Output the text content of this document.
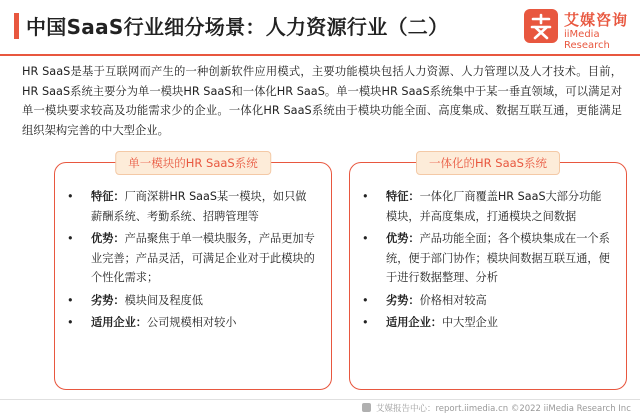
中国SaaS行业细分场景：人力资源行业（二）	艾媒咨询
iiMedia Research
HR SaaS是基于互联网而产生的一种创新软件应用模式，主要功能模块包括人力资源、人力管理以及人才技术。目前，HR SaaS系统主要分为单一模块HR SaaS和一体化HR SaaS。单一模块HR SaaS系统集中于某一垂直领域，可以满足对单一模块要求较高及功能需求少的企业。一体化HR SaaS系统由于模块功能全面、高度集成、数据互联互通，更能满足组织架构完善的中大型企业。
单一模块的HR SaaS系统
• 特征：厂商深耕HR SaaS某一模块，如只做薪酬系统、考勤系统、招聘管理等
• 优势：产品聚焦于单一模块服务，产品更加专业完善；产品灵活，可满足企业对于此模块的个性化需求；
• 劣势：模块间及程度低
• 适用企业：公司规模相对较小
一体化的HR SaaS系统
• 特征：一体化厂商覆盖HR SaaS大部分功能模块，并高度集成，打通模块之间数据
• 优势：产品功能全面；各个模块集成在一个系统，便于部门协作；模块间数据互联互通，便于进行数据整理、分析
• 劣势：价格相对较高
• 适用企业：中大型企业
艾媒报告中心：report.iimedia.cn ©2022 iiMedia Research Inc
